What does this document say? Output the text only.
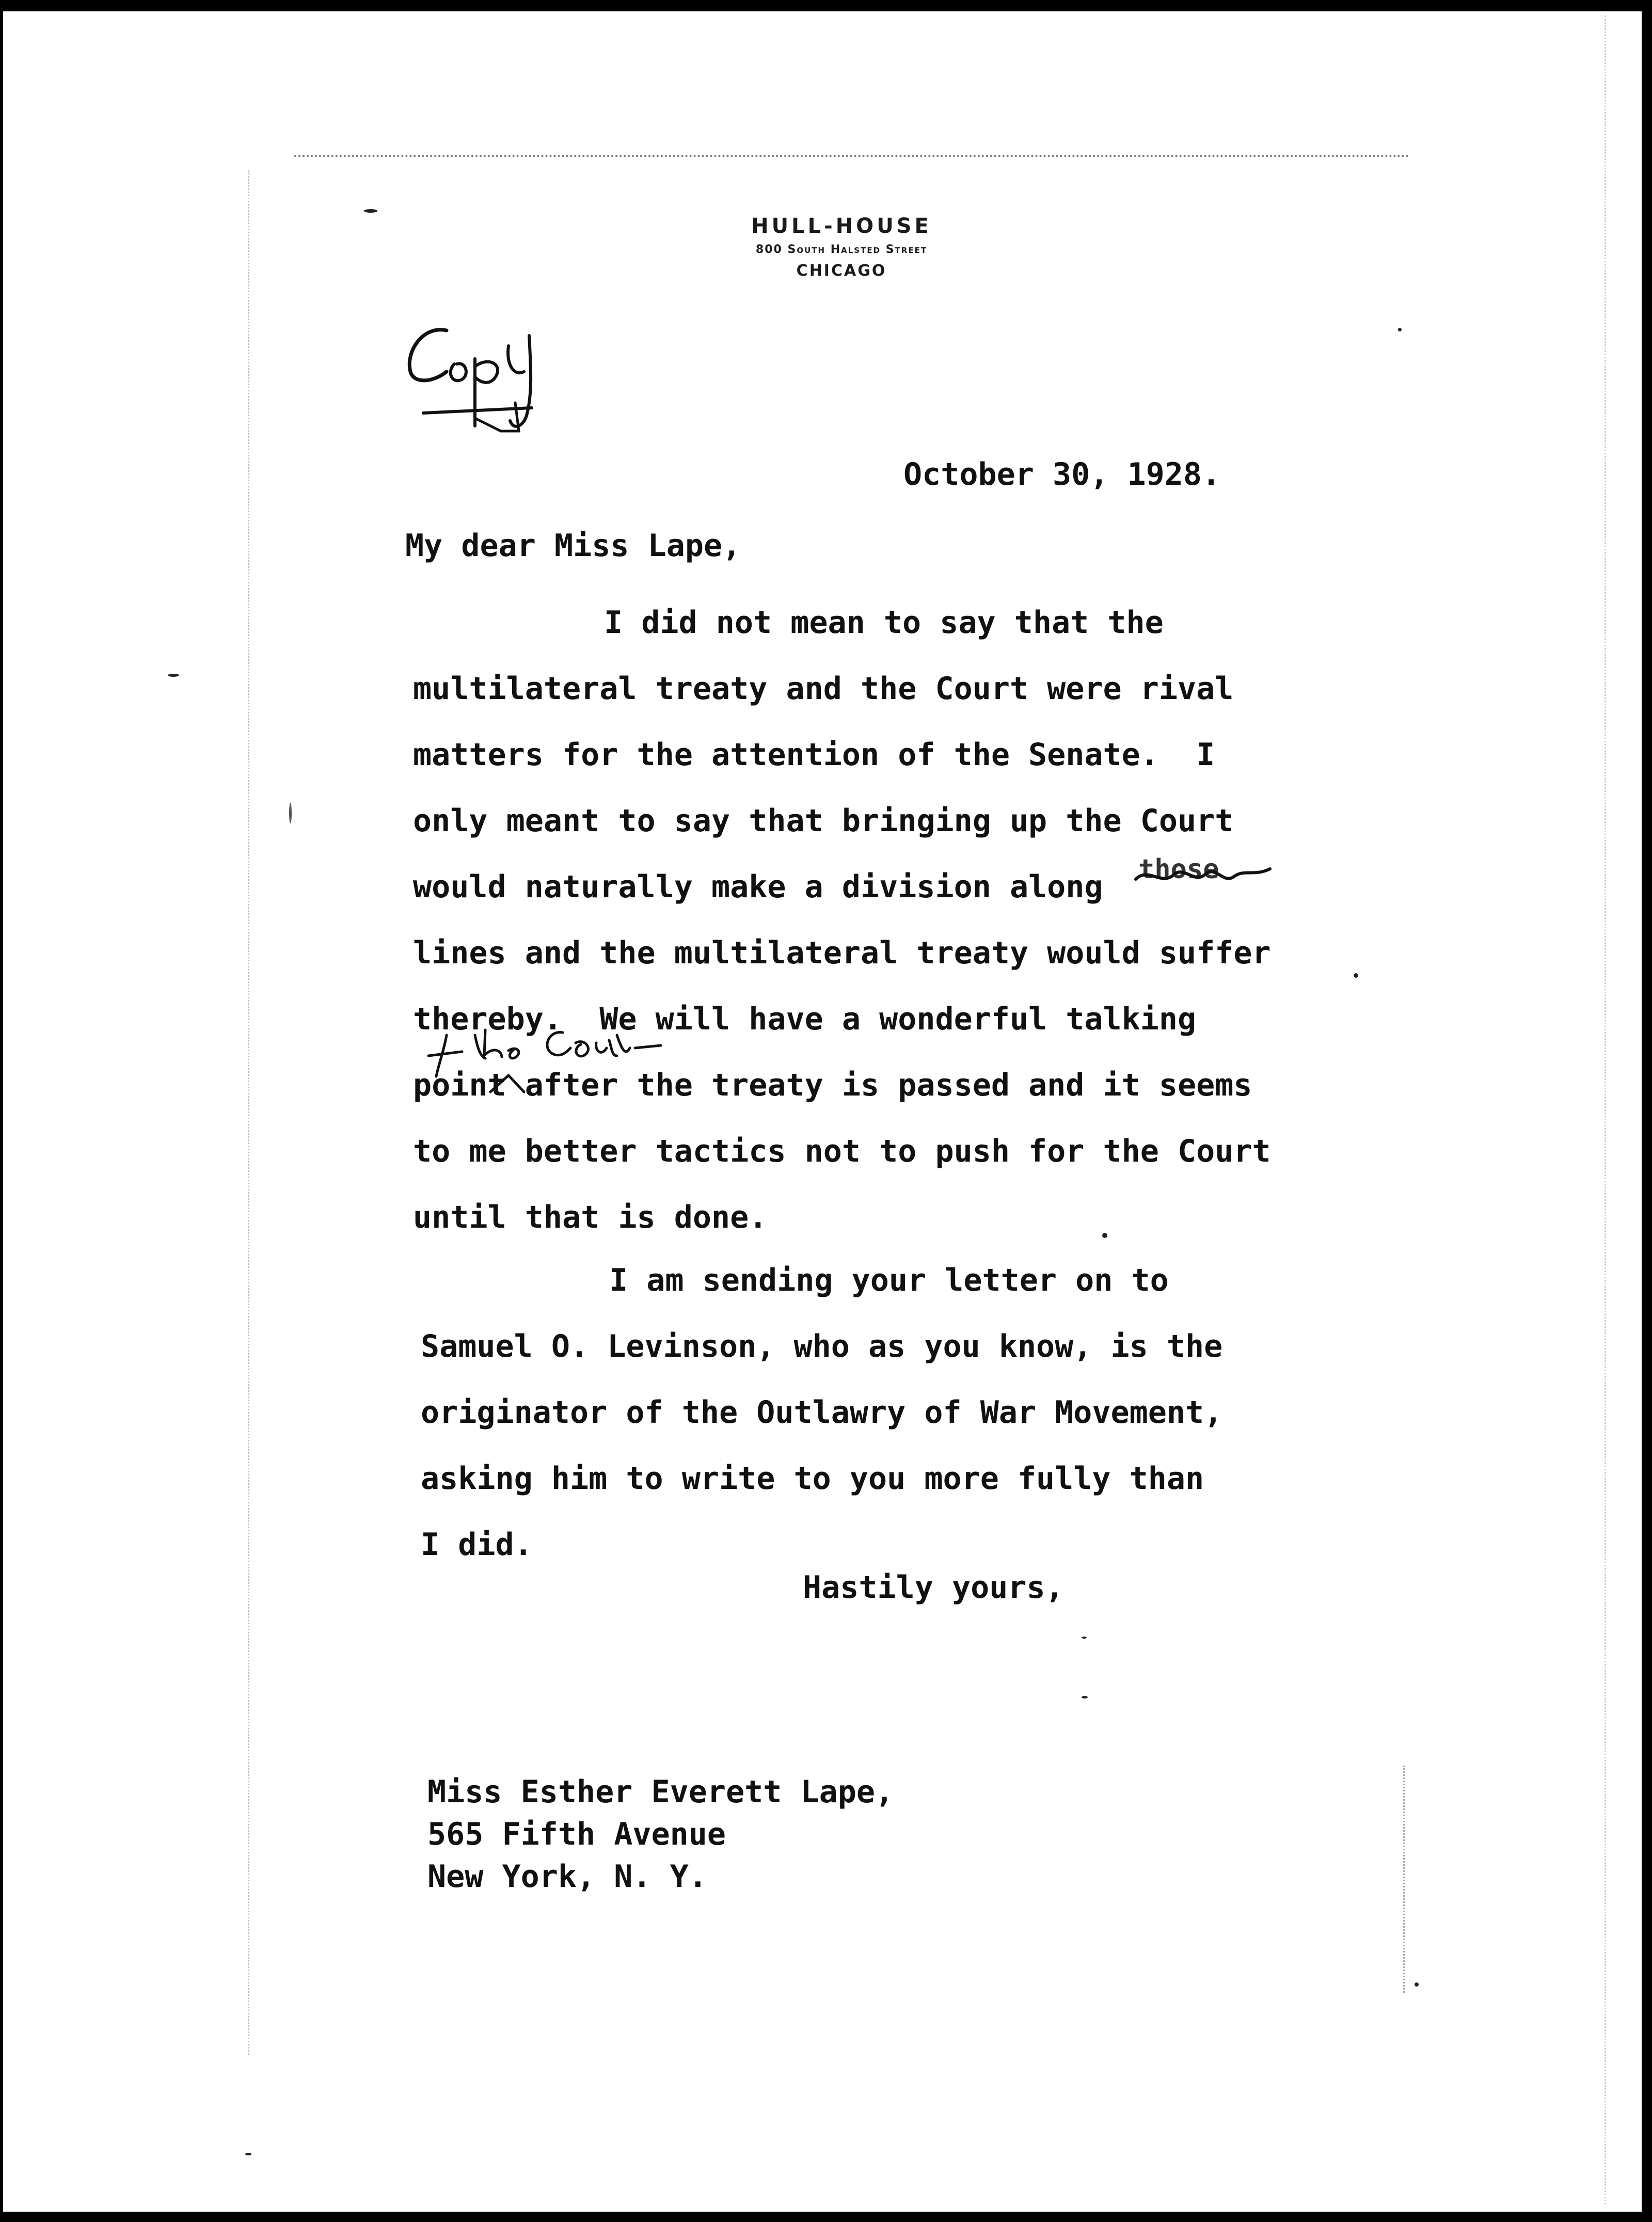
HULL-HOUSE
800 South Halsted Street
CHICAGO
October 30, 1928.
My dear Miss Lape,
I did not mean to say that the
multilateral treaty and the Court were rival
matters for the attention of the Senate.  I
only meant to say that bringing up the Court
would naturally make a division along those
lines and the multilateral treaty would suffer
thereby.  We will have a wonderful talking
point after the treaty is passed and it seems
to me better tactics not to push for the Court
until that is done.
I am sending your letter on to
Samuel O. Levinson, who as you know, is the
originator of the Outlawry of War Movement,
asking him to write to you more fully than
I did.
Hastily yours,
Miss Esther Everett Lape,
565 Fifth Avenue
New York, N. Y.
